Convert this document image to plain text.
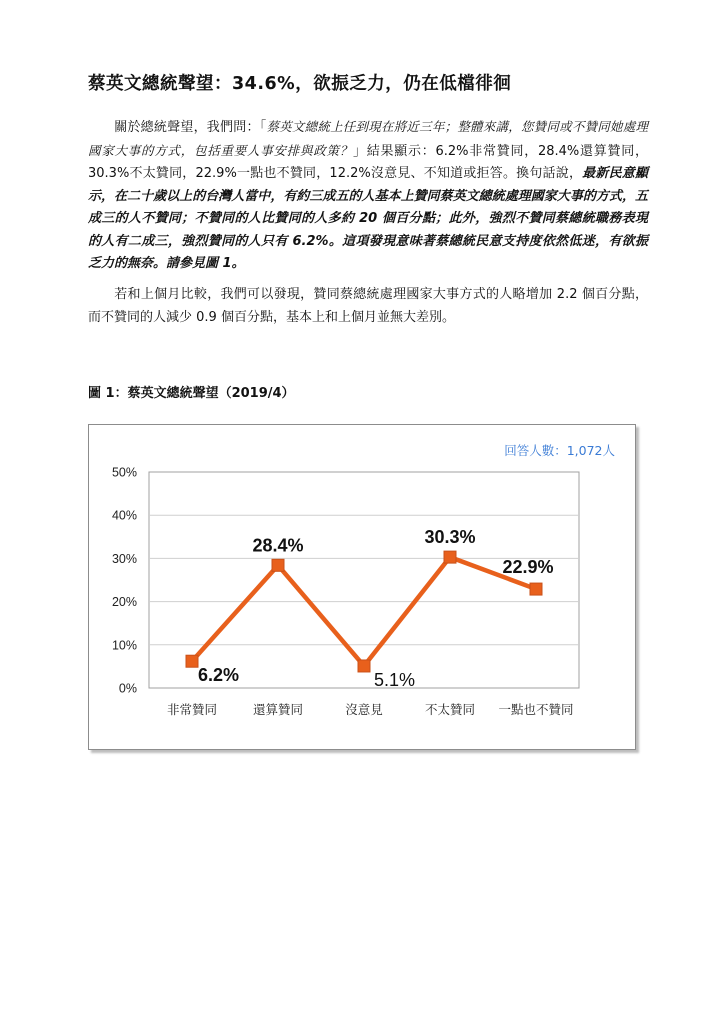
蔡英文總統聲望：34.6%，欲振乏力，仍在低檔徘徊

關於總統聲望，我們問：「蔡英文總統上任到現在將近三年；整體來講，您贊同或不贊同她處理國家大事的方式，包括重要人事安排與政策？」結果顯示：6.2%非常贊同，28.4%還算贊同，30.3%不太贊同，22.9%一點也不贊同，12.2%沒意見、不知道或拒答。換句話說，最新民意顯示，在二十歲以上的台灣人當中，有約三成五的人基本上贊同蔡英文總統處理國家大事的方式，五成三的人不贊同；不贊同的人比贊同的人多約 20 個百分點；此外，強烈不贊同蔡總統職務表現的人有二成三，強烈贊同的人只有 6.2%。這項發現意味著蔡總統民意支持度依然低迷，有欲振乏力的無奈。請參見圖 1。

若和上個月比較，我們可以發現，贊同蔡總統處理國家大事方式的人略增加 2.2 個百分點，而不贊同的人減少 0.9 個百分點，基本上和上個月並無大差別。

圖 1：蔡英文總統聲望（2019/4）
0%
10%
20%
30%
40%
50%
非常贊同	還算贊同	沒意見	不太贊同 一點也不贊同
6.2%
28.4%
5.1%
30.3%
22.9%
回答人數：1,072人
